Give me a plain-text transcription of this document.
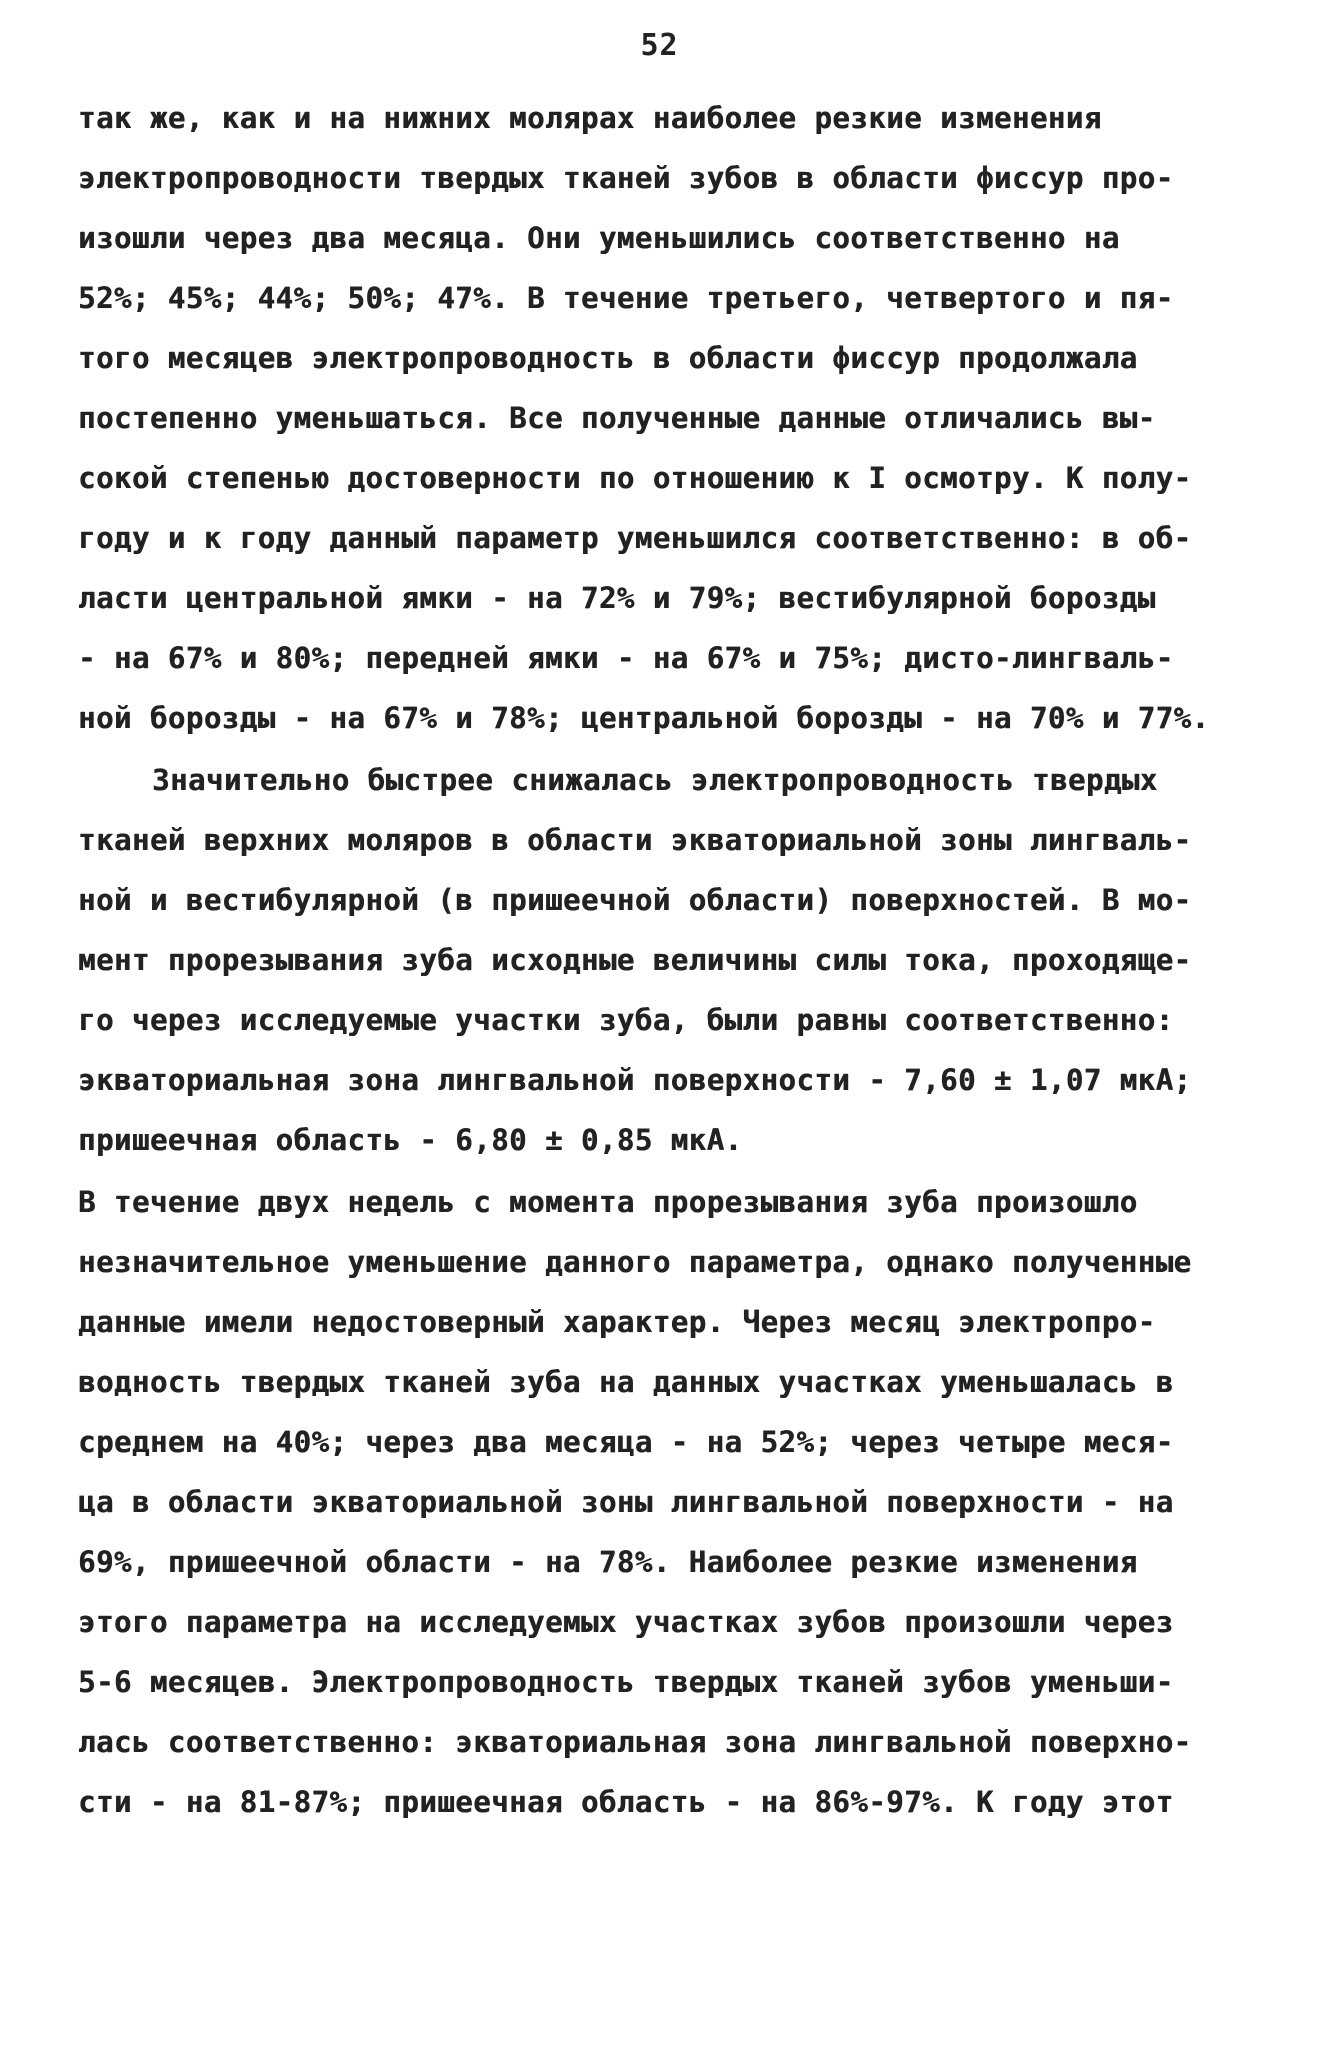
52
так же, как и на нижних молярах наиболее резкие изменения
электропроводности твердых тканей зубов в области фиссур про-
изошли через два месяца. Они уменьшились соответственно на
52%; 45%; 44%; 50%; 47%. В течение третьего, четвертого и пя-
того месяцев электропроводность в области фиссур продолжала
постепенно уменьшаться. Все полученные данные отличались вы-
сокой степенью достоверности по отношению к I осмотру. К полу-
году и к году данный параметр уменьшился соответственно: в об-
ласти центральной ямки - на 72% и 79%; вестибулярной борозды
- на 67% и 80%; передней ямки - на 67% и 75%; дисто-лингваль-
ной борозды - на 67% и 78%; центральной борозды - на 70% и 77%.
Значительно быстрее снижалась электропроводность твердых
тканей верхних моляров в области экваториальной зоны лингваль-
ной и вестибулярной (в пришеечной области) поверхностей. В мо-
мент прорезывания зуба исходные величины силы тока, проходяще-
го через исследуемые участки зуба, были равны соответственно:
экваториальная зона лингвальной поверхности - 7,60 ± 1,07 мкА;
пришеечная область - 6,80 ± 0,85 мкА.
В течение двух недель с момента прорезывания зуба произошло
незначительное уменьшение данного параметра, однако полученные
данные имели недостоверный характер. Через месяц электропро-
водность твердых тканей зуба на данных участках уменьшалась в
среднем на 40%; через два месяца - на 52%; через четыре меся-
ца в области экваториальной зоны лингвальной поверхности - на
69%, пришеечной области - на 78%. Наиболее резкие изменения
этого параметра на исследуемых участках зубов произошли через
5-6 месяцев. Электропроводность твердых тканей зубов уменьши-
лась соответственно: экваториальная зона лингвальной поверхно-
сти - на 81-87%; пришеечная область - на 86%-97%. К году этот
